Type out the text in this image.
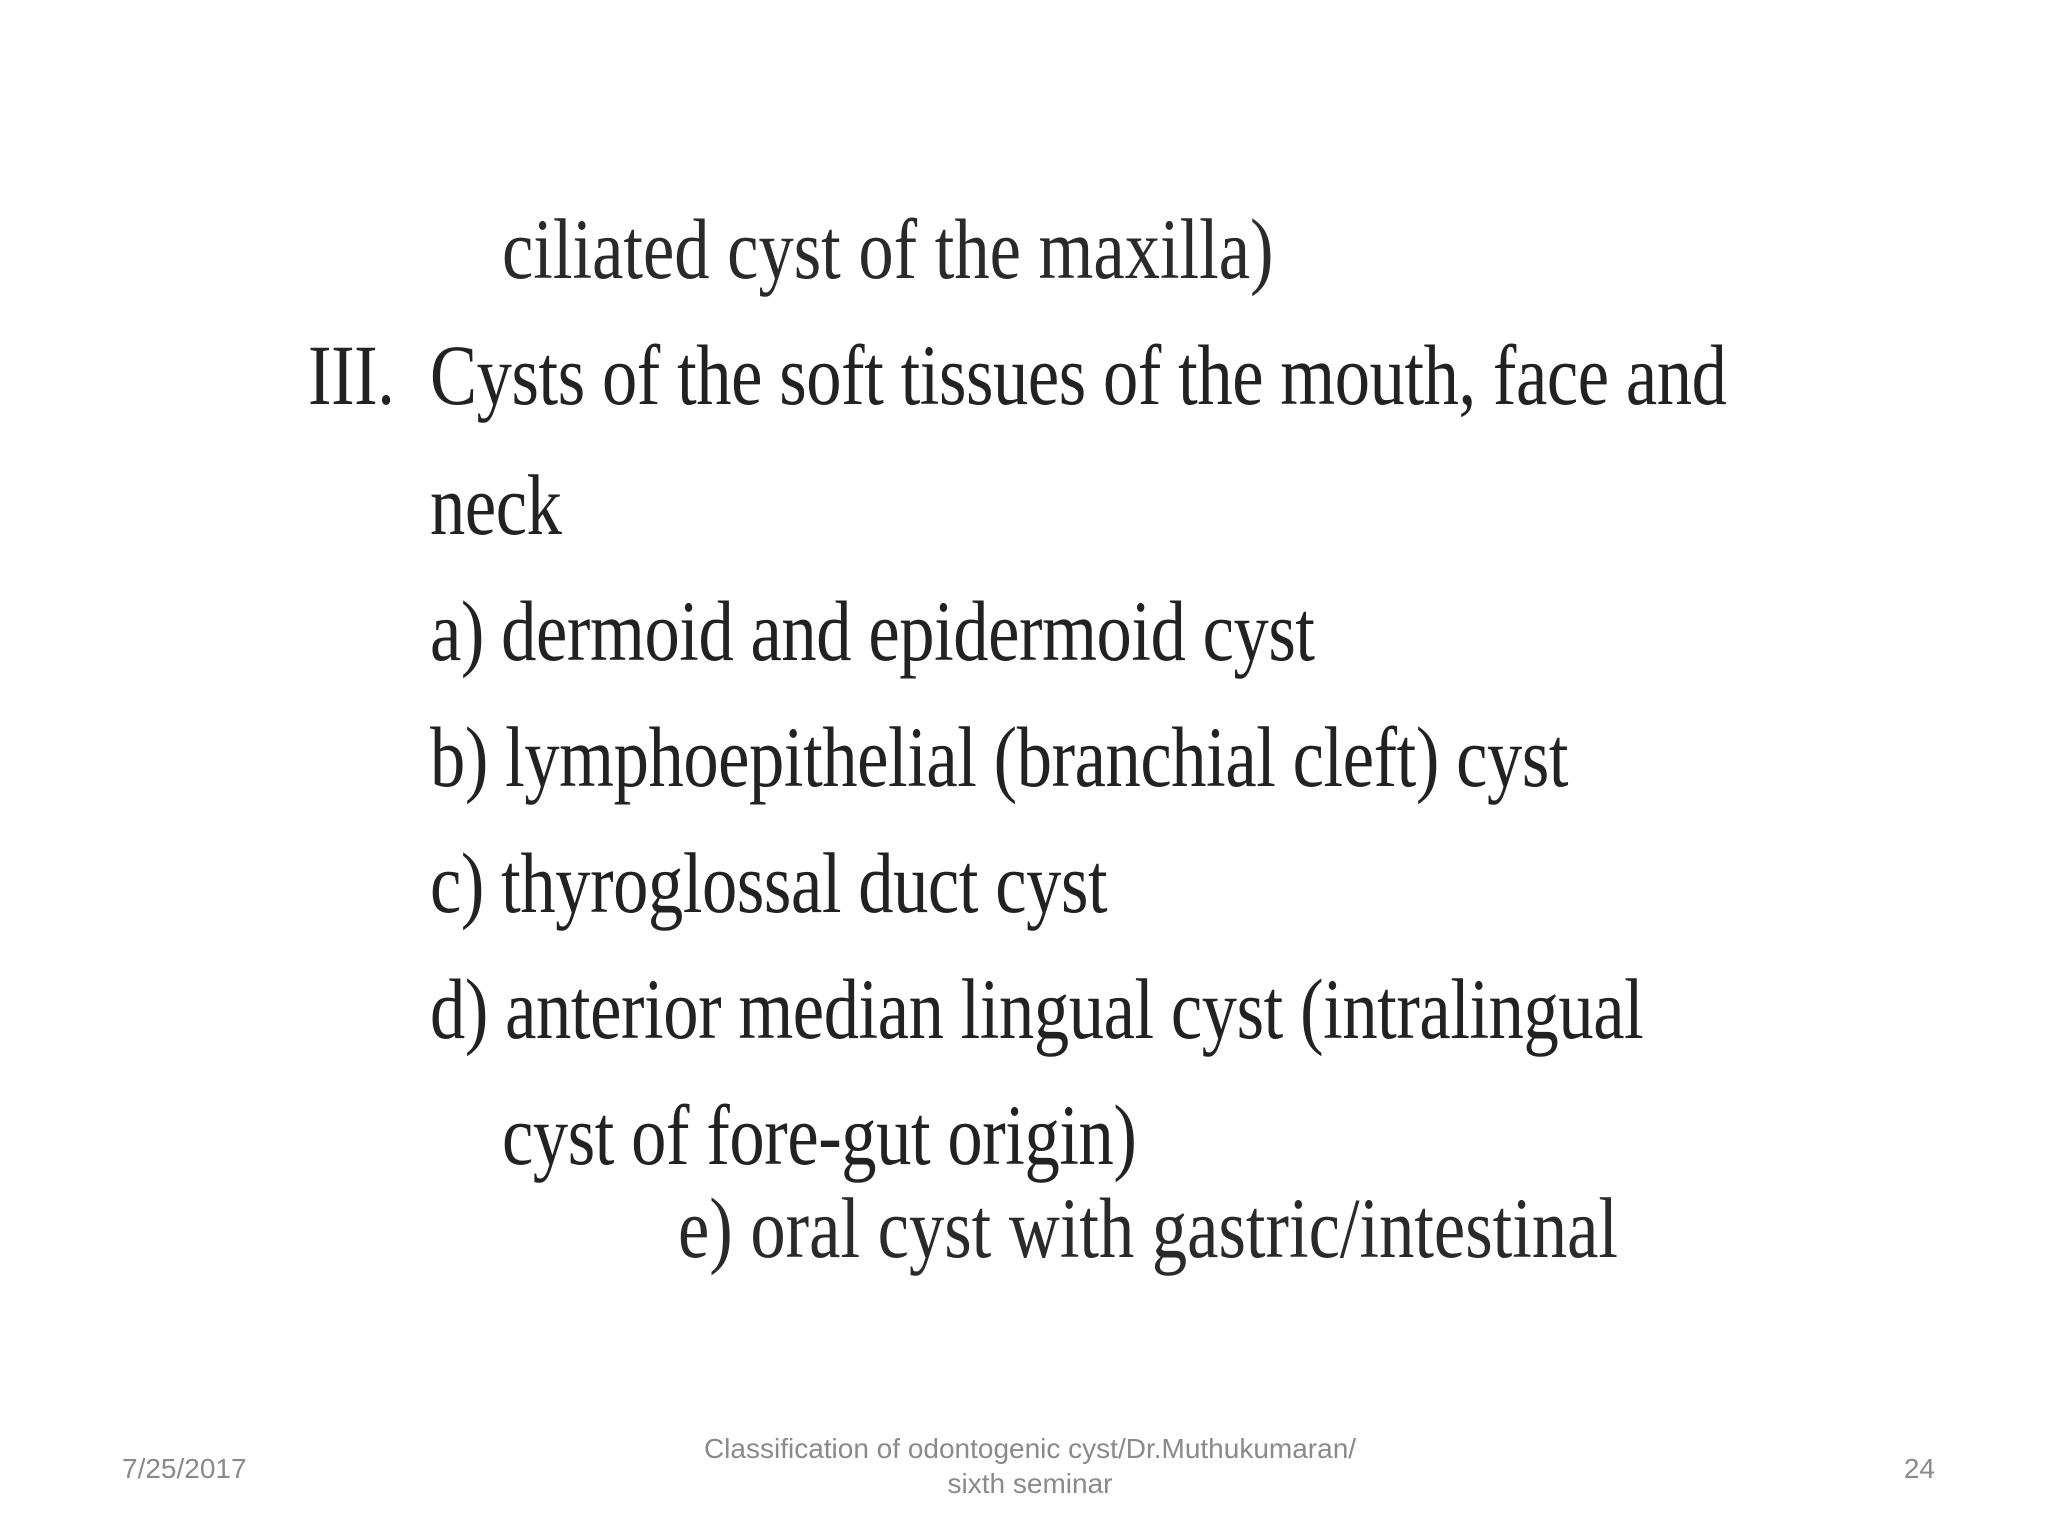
ciliated cyst of the maxilla)
III. Cysts of the soft tissues of the mouth, face and
neck
a) dermoid and epidermoid cyst
b) lymphoepithelial (branchial cleft) cyst
c) thyroglossal duct cyst
d) anterior median lingual cyst (intralingual
cyst of fore-gut origin)
e) oral cyst with gastric/intestinal
7/25/2017
Classification of odontogenic cyst/Dr.Muthukumaran/ sixth seminar	24
